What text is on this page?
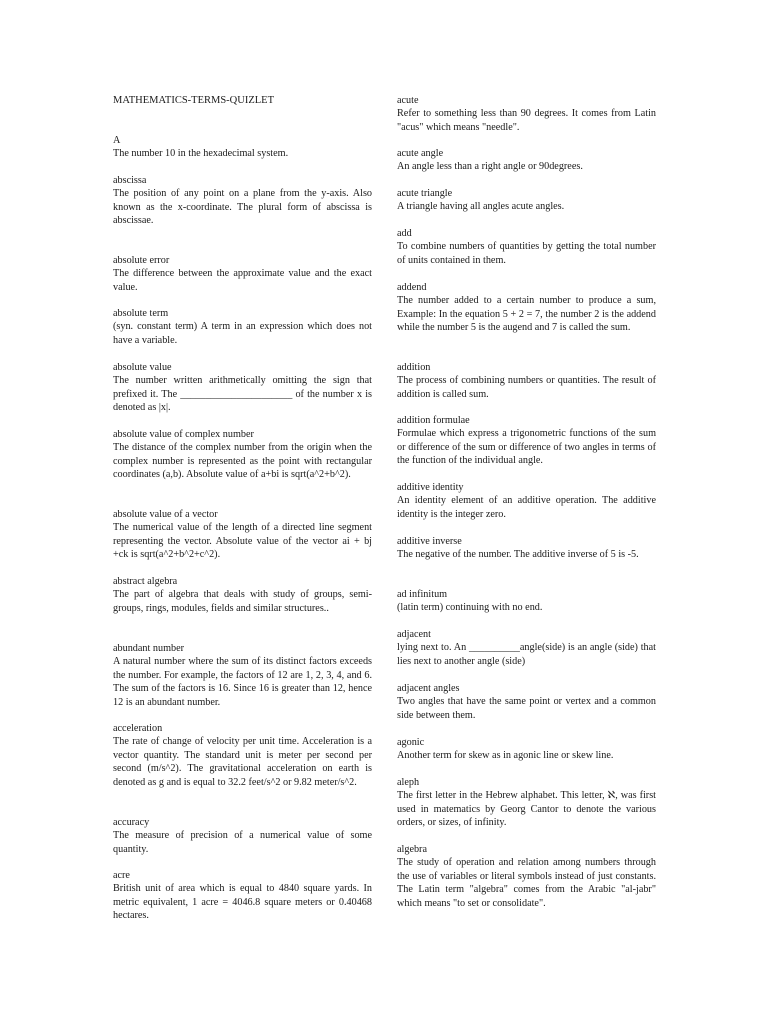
MATHEMATICS-TERMS-QUIZLET

A

The number 10 in the hexadecimal system.

abscissa

The position of any point on a plane from the y-axis. Also known as the x-coordinate. The plural form of abscissa is abscissae.

absolute error

The difference between the approximate value and the exact value.

absolute term

(syn. constant term) A term in an expression which does not have a variable.

absolute value

The number written arithmetically omitting the sign that prefixed it. The ______________________ of the number x is denoted as |x|.

absolute value of complex number

The distance of the complex number from the origin when the complex number is represented as the point with rectangular coordinates (a,b). Absolute value of a+bi is sqrt(a^2+b^2).

absolute value of a vector

The numerical value of the length of a directed line segment representing the vector. Absolute value of the vector ai + bj +ck is sqrt(a^2+b^2+c^2).

abstract algebra

The part of algebra that deals with study of groups, semi-groups, rings, modules, fields and similar structures..

abundant number

A natural number where the sum of its distinct factors exceeds the number. For example, the factors of 12 are 1, 2, 3, 4, and 6. The sum of the factors is 16. Since 16 is greater than 12, hence 12 is an abundant number.

acceleration

The rate of change of velocity per unit time. Acceleration is a vector quantity. The standard unit is meter per second per second (m/s^2). The gravitational acceleration on earth is denoted as g and is equal to 32.2 feet/s^2 or 9.82 meter/s^2.

accuracy

The measure of precision of a numerical value of some quantity.

acre

British unit of area which is equal to 4840 square yards. In metric equivalent, 1 acre = 4046.8 square meters or 0.40468 hectares.

acute

Refer to something less than 90 degrees. It comes from Latin "acus" which means "needle".

acute angle

An angle less than a right angle or 90degrees.

acute triangle

A triangle having all angles acute angles.

add

To combine numbers of quantities by getting the total number of units contained in them.

addend

The number added to a certain number to produce a sum, Example: In the equation 5 + 2 = 7, the number 2 is the addend while the number 5 is the augend and 7 is called the sum.

addition

The process of combining numbers or quantities. The result of addition is called sum.

addition formulae

Formulae which express a trigonometric functions of the sum or difference of the sum or difference of two angles in terms of the function of the individual angle.

additive identity

An identity element of an additive operation. The additive identity is the integer zero.

additive inverse

The negative of the number. The additive inverse of 5 is -5.

ad infinitum

(latin term) continuing with no end.

adjacent

lying next to. An __________angle(side) is an angle (side) that lies next to another angle (side)

adjacent angles

Two angles that have the same point or vertex and a common side between them.

agonic

Another term for skew as in agonic line or skew line.

aleph

The first letter in the Hebrew alphabet. This letter, ℵ, was first used in matematics by Georg Cantor to denote the various orders, or sizes, of infinity.

algebra

The study of operation and relation among numbers through the use of variables or literal symbols instead of just constants. The Latin term "algebra" comes from the Arabic "al-jabr" which means "to set or consolidate".
